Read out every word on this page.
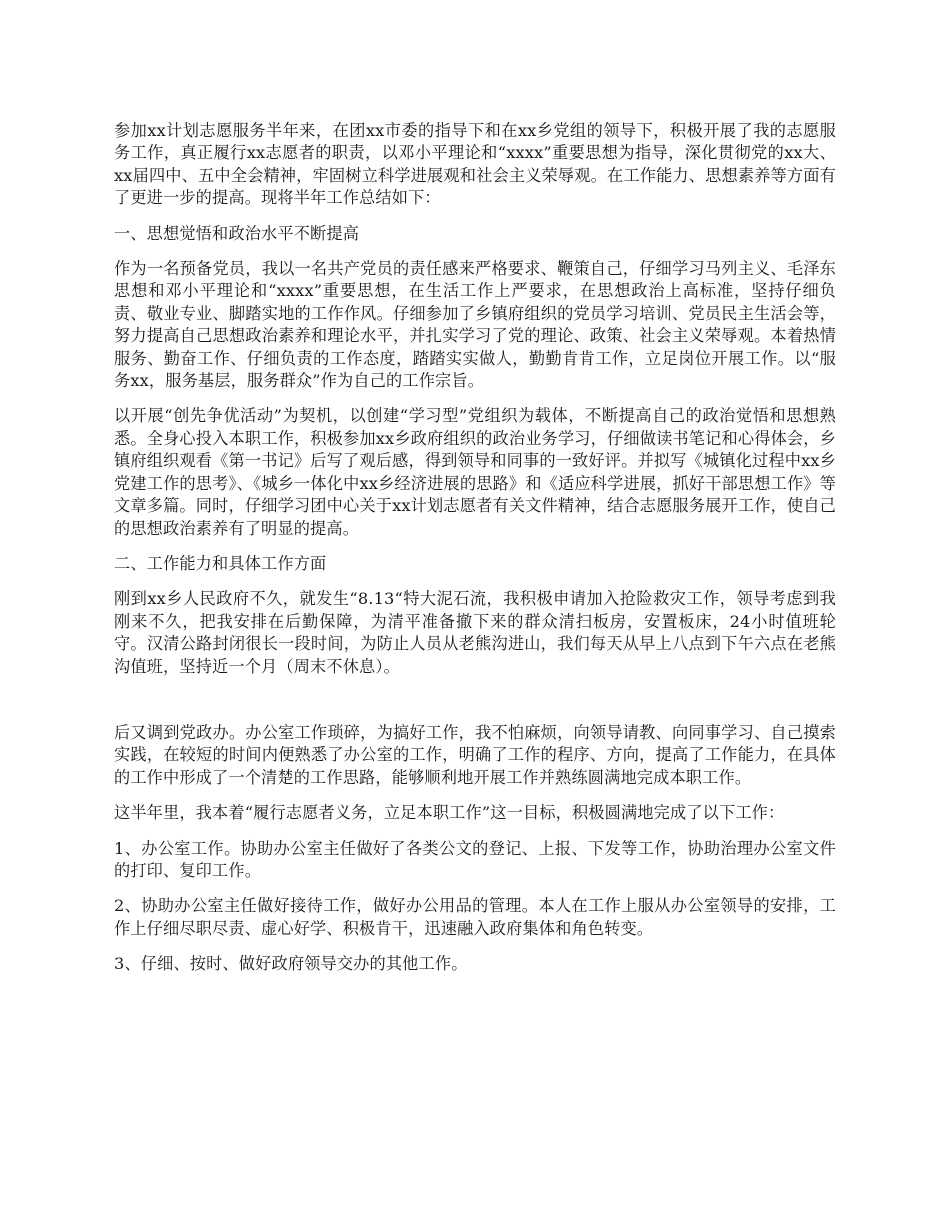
参加xx计划志愿服务半年来，在团xx市委的指导下和在xx乡党组的领导下，积极开展了我的志愿服务工作，真正履行xx志愿者的职责，以邓小平理论和“xxxx”重要思想为指导，深化贯彻党的xx大、xx届四中、五中全会精神，牢固树立科学进展观和社会主义荣辱观。在工作能力、思想素养等方面有了更进一步的提高。现将半年工作总结如下：

一、思想觉悟和政治水平不断提高

作为一名预备党员，我以一名共产党员的责任感来严格要求、鞭策自己，仔细学习马列主义、毛泽东思想和邓小平理论和“xxxx”重要思想，在生活工作上严要求，在思想政治上高标准，坚持仔细负责、敬业专业、脚踏实地的工作作风。仔细参加了乡镇府组织的党员学习培训、党员民主生活会等，努力提高自己思想政治素养和理论水平，并扎实学习了党的理论、政策、社会主义荣辱观。本着热情服务、勤奋工作、仔细负责的工作态度，踏踏实实做人，勤勤肯肯工作，立足岗位开展工作。以“服务xx，服务基层，服务群众”作为自己的工作宗旨。

以开展“创先争优活动”为契机，以创建“学习型”党组织为载体，不断提高自己的政治觉悟和思想熟悉。全身心投入本职工作，积极参加xx乡政府组织的政治业务学习，仔细做读书笔记和心得体会，乡镇府组织观看《第一书记》后写了观后感，得到领导和同事的一致好评。并拟写《城镇化过程中xx乡党建工作的思考》、《城乡一体化中xx乡经济进展的思路》和《适应科学进展，抓好干部思想工作》等文章多篇。同时，仔细学习团中心关于xx计划志愿者有关文件精神，结合志愿服务展开工作，使自己的思想政治素养有了明显的提高。

二、工作能力和具体工作方面

刚到xx乡人民政府不久，就发生“8.13“特大泥石流，我积极申请加入抢险救灾工作，领导考虑到我刚来不久，把我安排在后勤保障，为清平准备撤下来的群众清扫板房，安置板床，24小时值班轮守。汉清公路封闭很长一段时间，为防止人员从老熊沟进山，我们每天从早上八点到下午六点在老熊沟值班，坚持近一个月（周末不休息）。

后又调到党政办。办公室工作琐碎，为搞好工作，我不怕麻烦，向领导请教、向同事学习、自己摸索实践，在较短的时间内便熟悉了办公室的工作，明确了工作的程序、方向，提高了工作能力，在具体的工作中形成了一个清楚的工作思路，能够顺利地开展工作并熟练圆满地完成本职工作。

这半年里，我本着“履行志愿者义务，立足本职工作”这一目标，积极圆满地完成了以下工作：

1、办公室工作。协助办公室主任做好了各类公文的登记、上报、下发等工作，协助治理办公室文件的打印、复印工作。

2、协助办公室主任做好接待工作，做好办公用品的管理。本人在工作上服从办公室领导的安排，工作上仔细尽职尽责、虚心好学、积极肯干，迅速融入政府集体和角色转变。

3、仔细、按时、做好政府领导交办的其他工作。
